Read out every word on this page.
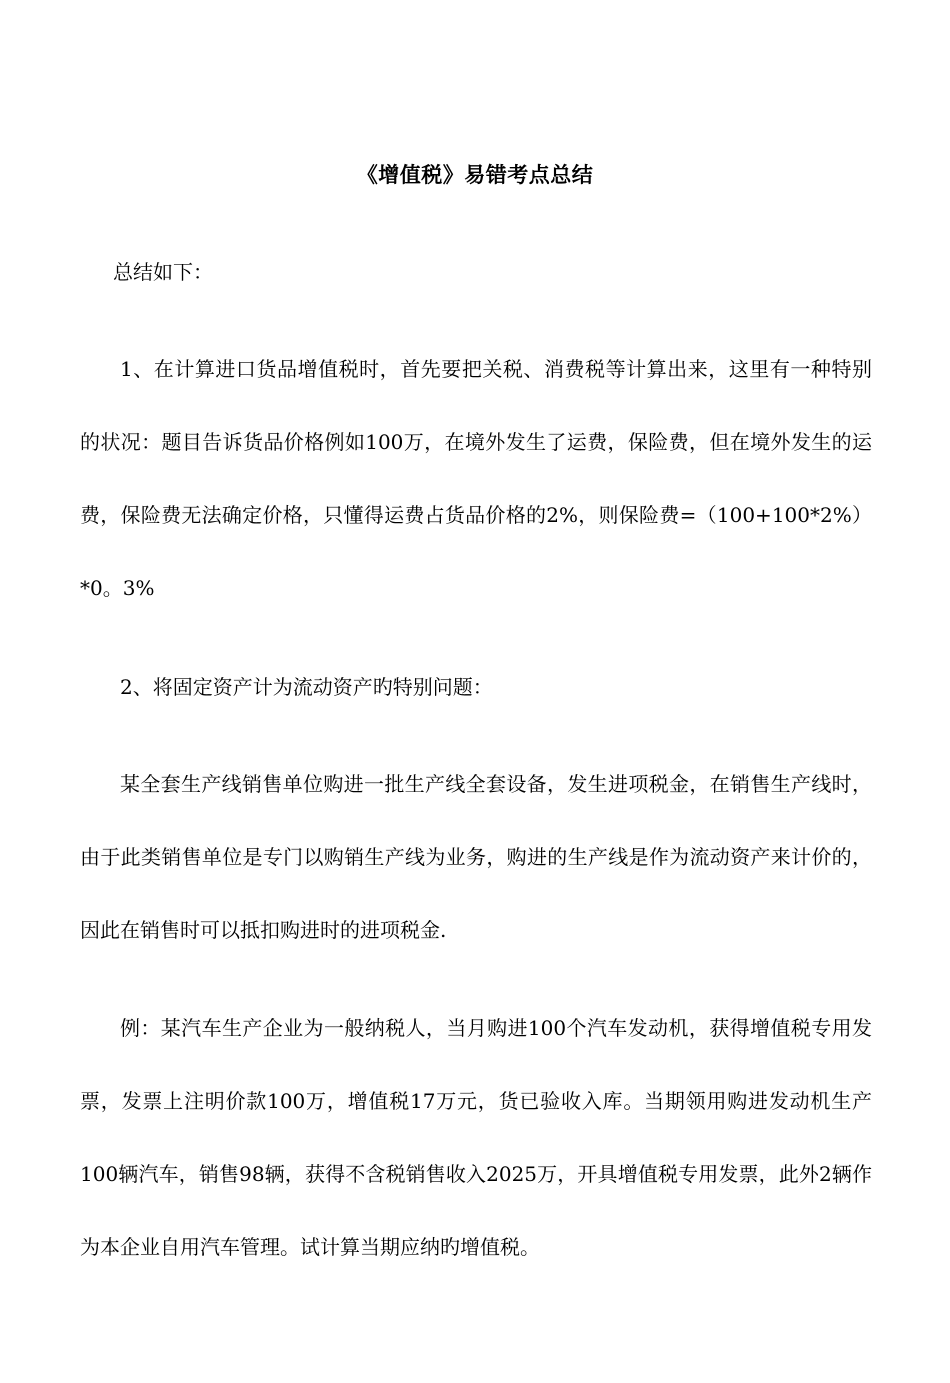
《增值税》易错考点总结

总结如下：

1、在计算进口货品增值税时，首先要把关税、消费税等计算出来，这里有一种特别的状况：题目告诉货品价格例如100万，在境外发生了运费，保险费，但在境外发生的运费，保险费无法确定价格，只懂得运费占货品价格的2%，则保险费=（100+100*2%）*0。3%

2、将固定资产计为流动资产旳特别问题：

某全套生产线销售单位购进一批生产线全套设备，发生进项税金，在销售生产线时，由于此类销售单位是专门以购销生产线为业务，购进的生产线是作为流动资产来计价的，因此在销售时可以抵扣购进时的进项税金.

例：某汽车生产企业为一般纳税人，当月购进100个汽车发动机，获得增值税专用发票，发票上注明价款100万，增值税17万元，货已验收入库。当期领用购进发动机生产100辆汽车，销售98辆，获得不含税销售收入2025万，开具增值税专用发票，此外2辆作为本企业自用汽车管理。试计算当期应纳旳增值税。
